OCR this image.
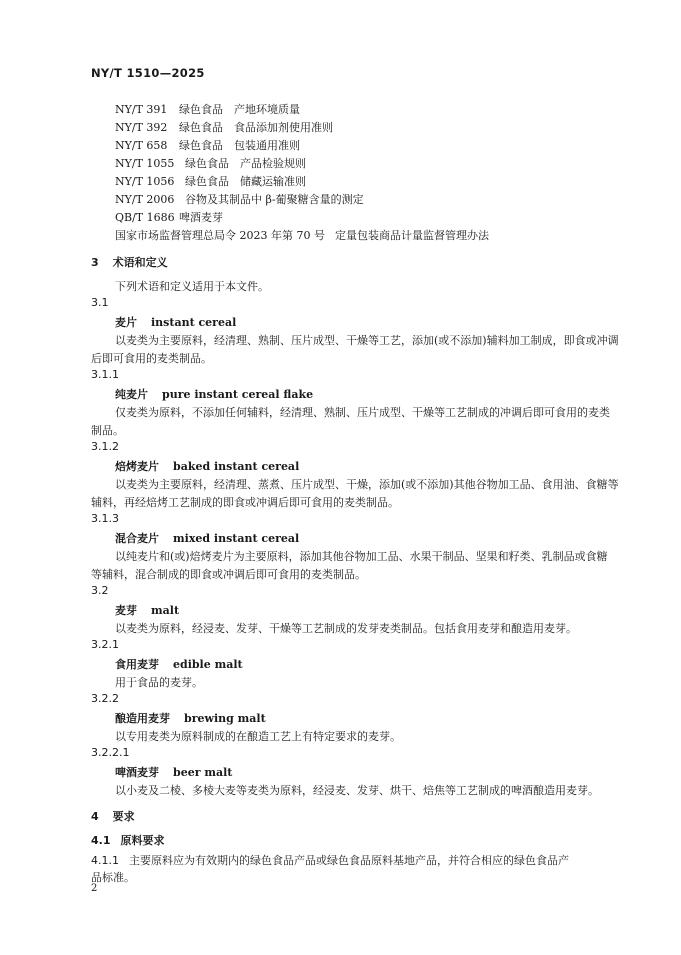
NY/T 1510—2025
NY/T 391 绿色食品　产地环境质量
NY/T 392 绿色食品　食品添加剂使用准则
NY/T 658 绿色食品　包装通用准则
NY/T 1055 绿色食品　产品检验规则
NY/T 1056 绿色食品　储藏运输准则
NY/T 2006 谷物及其制品中 β-葡聚糖含量的测定
QB/T 1686 啤酒麦芽
国家市场监督管理总局令 2023 年第 70 号 定量包装商品计量监督管理办法
3 术语和定义
下列术语和定义适用于本文件。
3.1
麦片 instant cereal
以麦类为主要原料，经清理、熟制、压片成型、干燥等工艺，添加(或不添加)辅料加工制成，即食或冲调
后即可食用的麦类制品。
3.1.1
纯麦片 pure instant cereal flake
仅麦类为原料，不添加任何辅料，经清理、熟制、压片成型、干燥等工艺制成的冲调后即可食用的麦类
制品。
3.1.2
焙烤麦片 baked instant cereal
以麦类为主要原料，经清理、蒸煮、压片成型、干燥，添加(或不添加)其他谷物加工品、食用油、食糖等
辅料，再经焙烤工艺制成的即食或冲调后即可食用的麦类制品。
3.1.3
混合麦片 mixed instant cereal
以纯麦片和(或)焙烤麦片为主要原料，添加其他谷物加工品、水果干制品、坚果和籽类、乳制品或食糖
等辅料，混合制成的即食或冲调后即可食用的麦类制品。
3.2
麦芽 malt
以麦类为原料，经浸麦、发芽、干燥等工艺制成的发芽麦类制品。包括食用麦芽和酿造用麦芽。
3.2.1
食用麦芽 edible malt
用于食品的麦芽。
3.2.2
酿造用麦芽 brewing malt
以专用麦类为原料制成的在酿造工艺上有特定要求的麦芽。
3.2.2.1
啤酒麦芽 beer malt
以小麦及二棱、多棱大麦等麦类为原料，经浸麦、发芽、烘干、焙焦等工艺制成的啤酒酿造用麦芽。
4 要求
4.1 原料要求
4.1.1 主要原料应为有效期内的绿色食品产品或绿色食品原料基地产品，并符合相应的绿色食品产
品标准。
2
